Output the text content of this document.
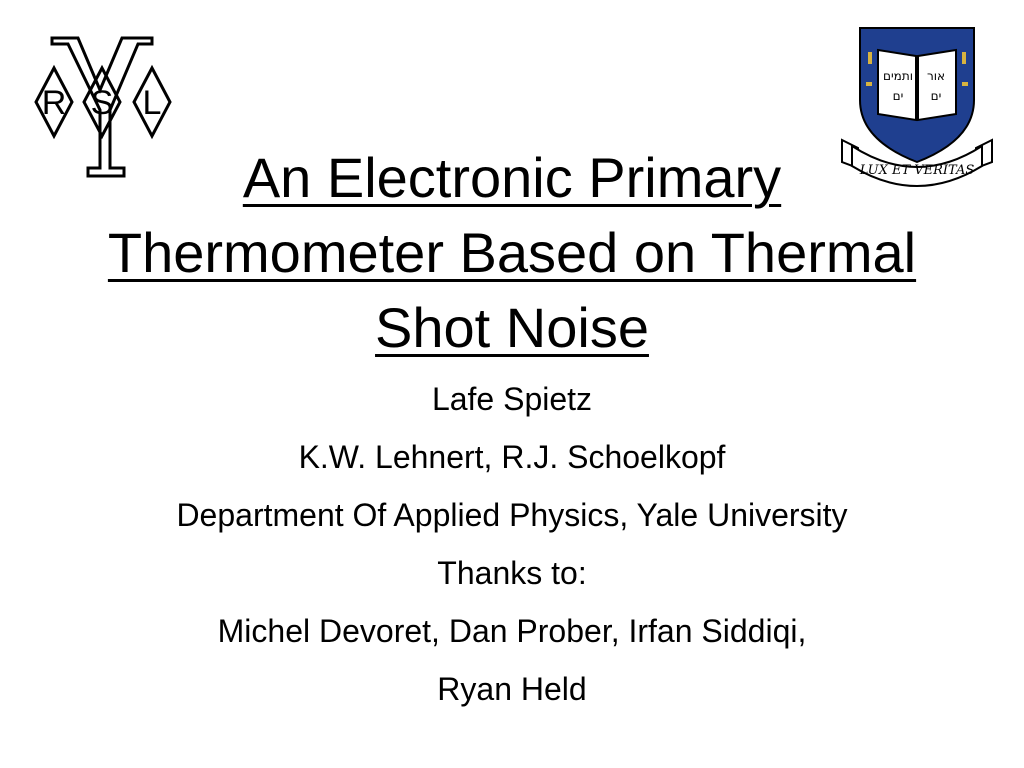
R S L
ותמים
ים
אור
ים
LUX ET VERITAS
An Electronic Primary
Thermometer Based on Thermal
Shot Noise
Lafe Spietz
K.W. Lehnert, R.J. Schoelkopf
Department Of Applied Physics, Yale University
Thanks to:
Michel Devoret, Dan Prober, Irfan Siddiqi,
Ryan Held
